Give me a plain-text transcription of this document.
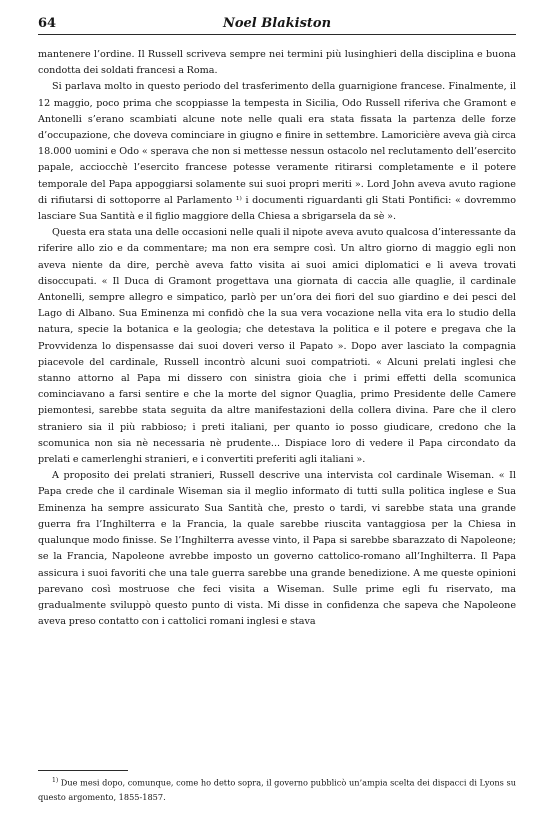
64	Noel Blakiston

mantenere l’ordine. Il Russell scriveva sempre nei termini più lusinghieri della disciplina e buona condotta dei soldati francesi a Roma.

Si parlava molto in questo periodo del trasferimento della guarnigione francese. Finalmente, il 12 maggio, poco prima che scoppiasse la tempesta in Sicilia, Odo Russell riferiva che Gramont e Antonelli s’erano scambiati alcune note nelle quali era stata fissata la partenza delle forze d’occupazione, che doveva cominciare in giugno e finire in settembre. Lamoricière aveva già circa 18.000 uomini e Odo « sperava che non si mettesse nessun ostacolo nel reclutamento dell’esercito papale, acciocchè l’esercito francese potesse veramente ritirarsi completamente e il potere temporale del Papa appoggiarsi solamente sui suoi propri meriti ». Lord John aveva avuto ragione di rifiutarsi di sottoporre al Parlamento ¹⁾ i documenti riguardanti gli Stati Pontifici: « dovremmo lasciare Sua Santità e il figlio maggiore della Chiesa a sbrigarsela da sè ».

Questa era stata una delle occasioni nelle quali il nipote aveva avuto qualcosa d’interessante da riferire allo zio e da commentare; ma non era sempre così. Un altro giorno di maggio egli non aveva niente da dire, perchè aveva fatto visita ai suoi amici diplomatici e li aveva trovati disoccupati. « Il Duca di Gramont progettava una giornata di caccia alle quaglie, il cardinale Antonelli, sempre allegro e simpatico, parlò per un’ora dei fiori del suo giardino e dei pesci del Lago di Albano. Sua Eminenza mi confidò che la sua vera vocazione nella vita era lo studio della natura, specie la botanica e la geologia; che detestava la politica e il potere e pregava che la Provvidenza lo dispensasse dai suoi doveri verso il Papato ». Dopo aver lasciato la compagnia piacevole del cardinale, Russell incontrò alcuni suoi compatrioti. « Alcuni prelati inglesi che stanno attorno al Papa mi dissero con sinistra gioia che i primi effetti della scomunica cominciavano a farsi sentire e che la morte del signor Quaglia, primo Presidente delle Camere piemontesi, sarebbe stata seguita da altre manifestazioni della collera divina. Pare che il clero straniero sia il più rabbioso; i preti italiani, per quanto io posso giudicare, credono che la scomunica non sia nè necessaria nè prudente... Dispiace loro di vedere il Papa circondato da prelati e camerlenghi stranieri, e i convertiti preferiti agli italiani ».

A proposito dei prelati stranieri, Russell descrive una intervista col cardinale Wiseman. « Il Papa crede che il cardinale Wiseman sia il meglio informato di tutti sulla politica inglese e Sua Eminenza ha sempre assicurato Sua Santità che, presto o tardi, vi sarebbe stata una grande guerra fra l’Inghilterra e la Francia, la quale sarebbe riuscita vantaggiosa per la Chiesa in qualunque modo finisse. Se l’Inghilterra avesse vinto, il Papa si sarebbe sbarazzato di Napoleone; se la Francia, Napoleone avrebbe imposto un governo cattolico-romano all’Inghilterra. Il Papa assicura i suoi favoriti che una tale guerra sarebbe una grande benedizione. A me queste opinioni parevano così mostruose che feci visita a Wiseman. Sulle prime egli fu riservato, ma gradualmente sviluppò questo punto di vista. Mi disse in confidenza che sapeva che Napoleone aveva preso contatto con i cattolici romani inglesi e stava

$^{1)}$ Due mesi dopo, comunque, come ho detto sopra, il governo pubblicò un’ampia scelta dei dispacci di Lyons su questo argomento, 1855-1857.
